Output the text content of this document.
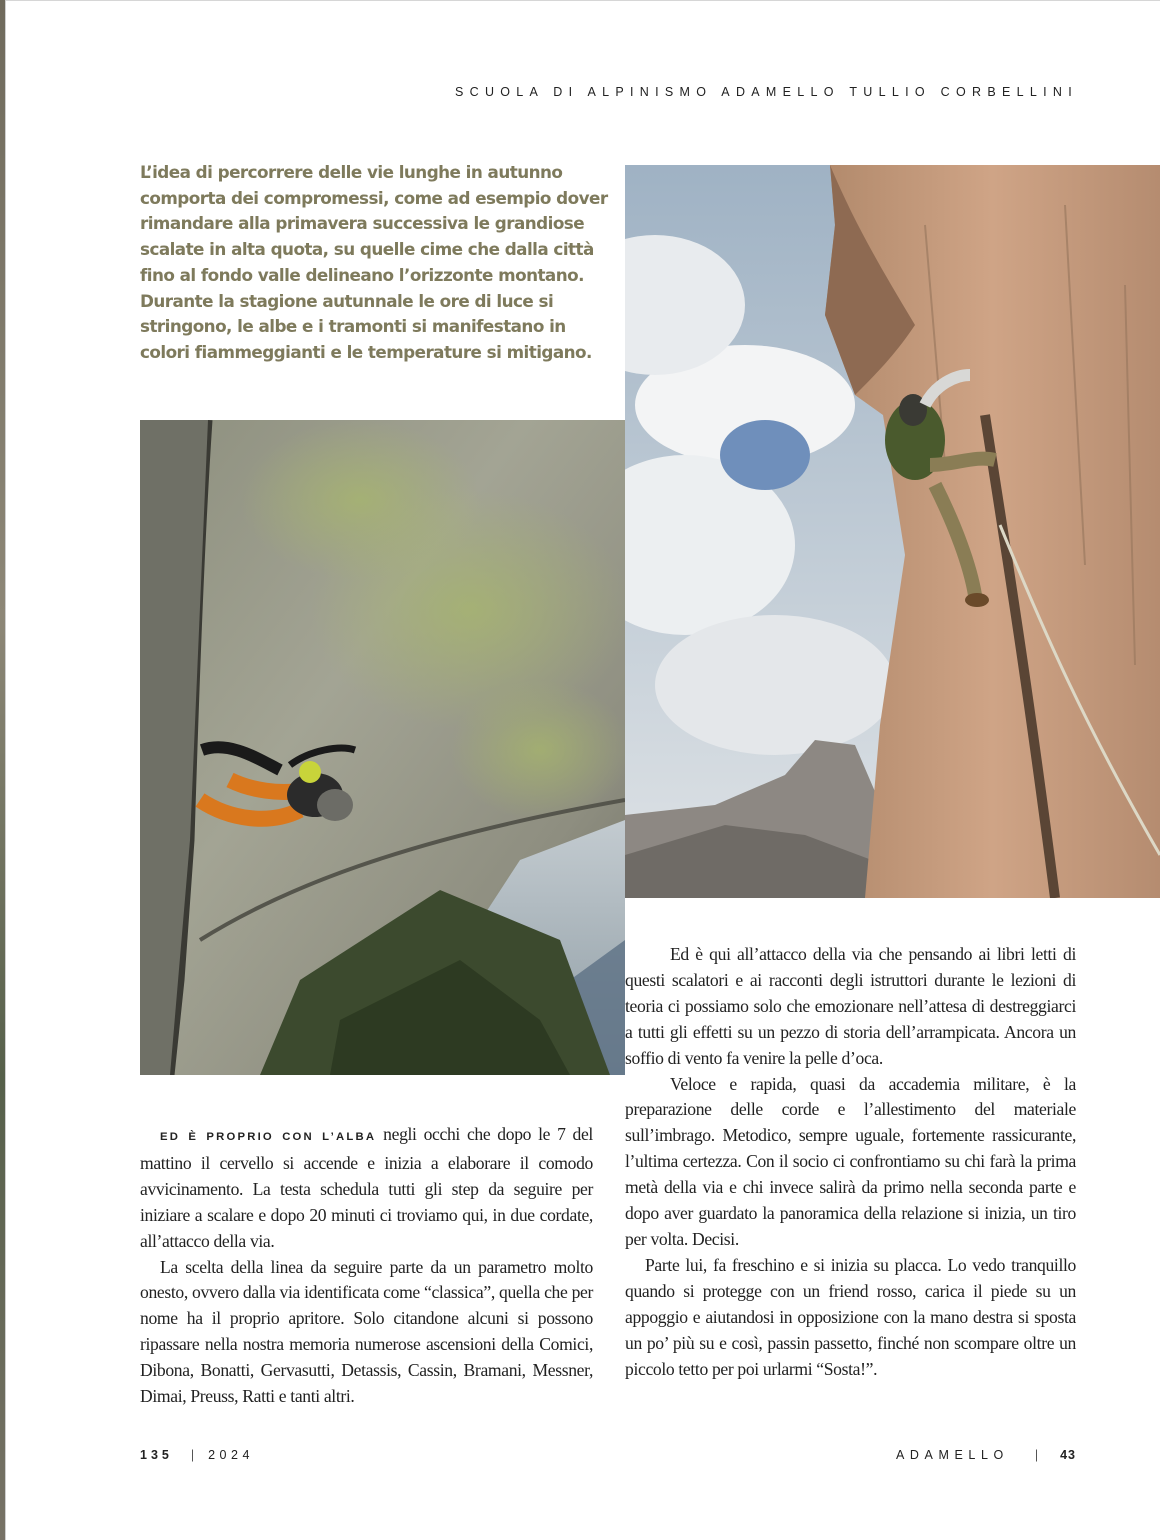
SCUOLA DI ALPINISMO ADAMELLO TULLIO CORBELLINI

L’idea di percorrere delle vie lunghe in autunno comporta dei compromessi, come ad esempio dover rimandare alla primavera successiva le grandiose scalate in alta quota, su quelle cime che dalla città fino al fondo valle delineano l’orizzonte montano.

Durante la stagione autunnale le ore di luce si stringono, le albe e i tramonti si manifestano in colori fiammeggianti e le temperature si mitigano.

ED È PROPRIO CON L’ALBA negli occhi che dopo le 7 del mattino il cervello si accende e inizia a elaborare il comodo avvicinamento. La testa schedula tutti gli step da seguire per iniziare a scalare e dopo 20 minuti ci troviamo qui, in due cordate, all’attacco della via.

La scelta della linea da seguire parte da un parametro molto onesto, ovvero dalla via identificata come “classica”, quella che per nome ha il proprio apritore. Solo citandone alcuni si possono ripassare nella nostra memoria numerose ascensioni della Comici, Dibona, Bonatti, Gervasutti, Detassis, Cassin, Bramani, Messner, Dimai, Preuss, Ratti e tanti altri.

Ed è qui all’attacco della via che pensando ai libri letti di questi scalatori e ai racconti degli istruttori durante le lezioni di teoria ci possiamo solo che emozionare nell’attesa di destreggiarci a tutti gli effetti su un pezzo di storia dell’arrampicata. Ancora un soffio di vento fa venire la pelle d’oca.

Veloce e rapida, quasi da accademia militare, è la preparazione delle corde e l’allestimento del materiale sull’imbrago. Metodico, sempre uguale, fortemente rassicurante, l’ultima certezza. Con il socio ci confrontiamo su chi farà la prima metà della via e chi invece salirà da primo nella seconda parte e dopo aver guardato la panoramica della relazione si inizia, un tiro per volta. Decisi.

Parte lui, fa freschino e si inizia su placca. Lo vedo tranquillo quando si protegge con un friend rosso, carica il piede su un appoggio e aiutandosi in opposizione con la mano destra si sposta un po’ più su e così, passin passetto, finché non scompare oltre un piccolo tetto per poi urlarmi “Sosta!”.

135 | 2024	ADAMELLO | 43
